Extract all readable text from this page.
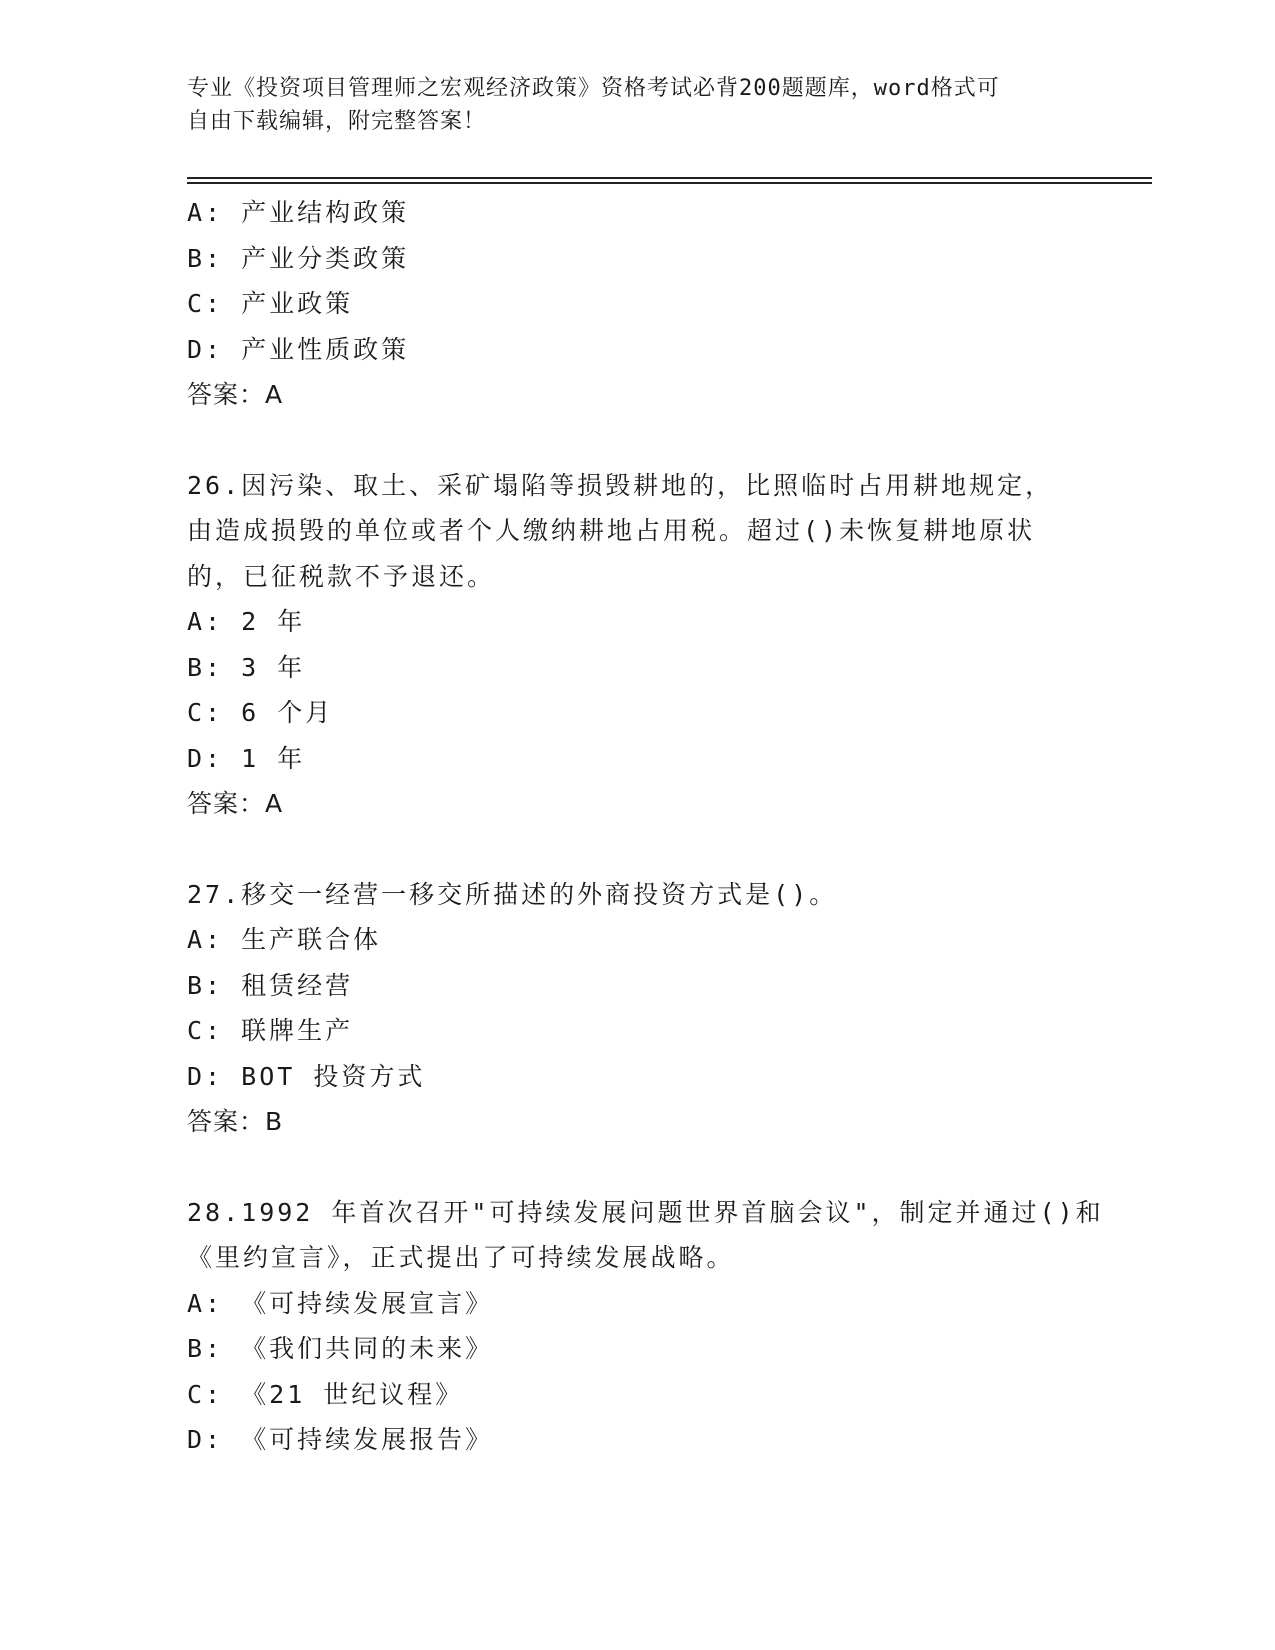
专业《投资项目管理师之宏观经济政策》资格考试必背200题题库，word格式可

自由下载编辑，附完整答案！

A: 产业结构政策

B: 产业分类政策

C: 产业政策

D: 产业性质政策

答案：A

26.因污染、取土、采矿塌陷等损毁耕地的，比照临时占用耕地规定，

由造成损毁的单位或者个人缴纳耕地占用税。超过()未恢复耕地原状

的，已征税款不予退还。

A: 2 年

B: 3 年

C: 6 个月

D: 1 年

答案：A

27.移交一经营一移交所描述的外商投资方式是()。

A: 生产联合体

B: 租赁经营

C: 联牌生产

D: BOT 投资方式

答案：B

28.1992 年首次召开"可持续发展问题世界首脑会议"，制定并通过()和

《里约宣言》，正式提出了可持续发展战略。

A: 《可持续发展宣言》

B: 《我们共同的未来》

C: 《21 世纪议程》

D: 《可持续发展报告》
